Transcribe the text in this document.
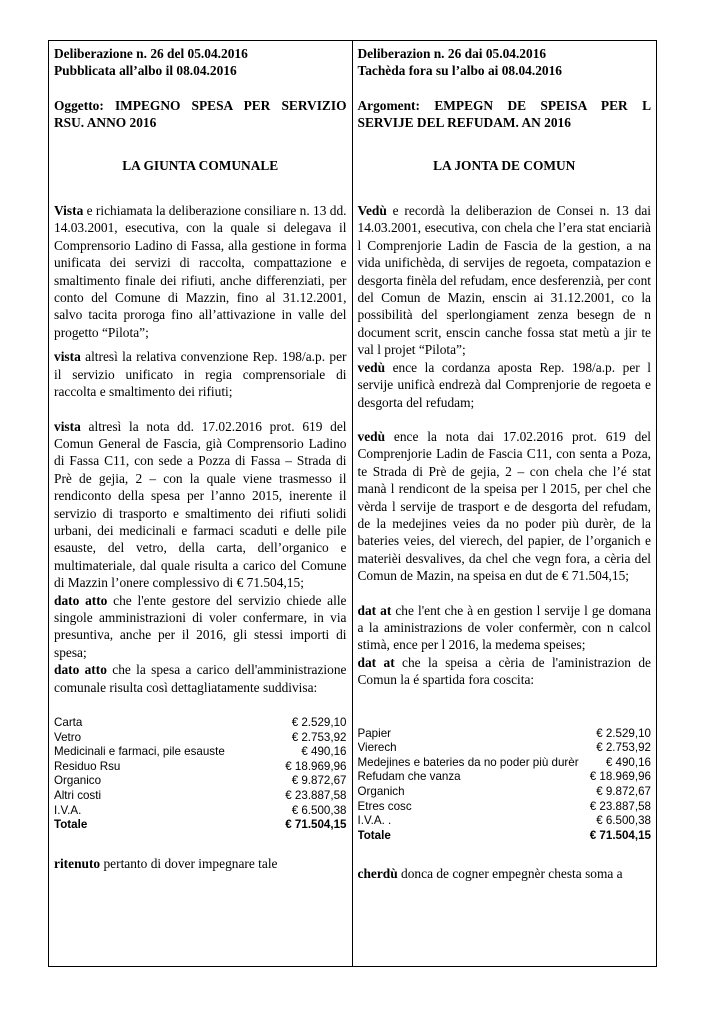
Deliberazione n. 26 del 05.04.2016
Pubblicata all’albo il 08.04.2016

Oggetto: IMPEGNO SPESA PER SERVIZIO RSU. ANNO 2016

LA GIUNTA COMUNALE

Vista e richiamata la deliberazione consiliare n. 13 dd. 14.03.2001, esecutiva, con la quale si delegava il Comprensorio Ladino di Fassa, alla gestione in forma unificata dei servizi di raccolta, compattazione e smaltimento finale dei rifiuti, anche differenziati, per conto del Comune di Mazzin, fino al 31.12.2001, salvo tacita proroga fino all’attivazione in valle del progetto “Pilota”;

vista altresì la relativa convenzione Rep. 198/a.p. per il servizio unificato in regia comprensoriale di raccolta e smaltimento dei rifiuti;

vista altresì la nota dd. 17.02.2016 prot. 619 del Comun General de Fascia, già Comprensorio Ladino di Fassa C11, con sede a Pozza di Fassa – Strada di Prè de gejia, 2 – con la quale viene trasmesso il rendiconto della spesa per l’anno 2015, inerente il servizio di trasporto e smaltimento dei rifiuti solidi urbani, dei medicinali e farmaci scaduti e delle pile esauste, del vetro, della carta, dell’organico e multimateriale, dal quale risulta a carico del Comune di Mazzin l’onere complessivo di € 71.504,15;

dato atto che l'ente gestore del servizio chiede alle singole amministrazioni di voler confermare, in via presuntiva, anche per il 2016, gli stessi importi di spesa;

dato atto che la spesa a carico dell'amministrazione comunale risulta così dettagliatamente suddivisa:

Carta	€ 2.529,10
Vetro	€ 2.753,92
Medicinali e farmaci, pile esauste	€ 490,16
Residuo Rsu	€ 18.969,96
Organico	€ 9.872,67
Altri costi	€ 23.887,58
I.V.A.	€ 6.500,38
Totale	€ 71.504,15

ritenuto pertanto di dover impegnare tale

Deliberazion n. 26 dai 05.04.2016
Tachèda fora su l’albo ai 08.04.2016

Argoment: EMPEGN DE SPEISA PER L SERVIJE DEL REFUDAM. AN 2016

LA JONTA DE COMUN

Vedù e recordà la deliberazion de Consei n. 13 dai 14.03.2001, esecutiva, con chela che l’era stat enciarià l Comprenjorie Ladin de Fascia de la gestion, a na vida unifichèda, di servijes de regoeta, compatazion e desgorta finèla del refudam, ence desferenzià, per cont del Comun de Mazin, enscin ai 31.12.2001, co la possibilità del sperlongiament zenza besegn de n document scrit, enscin canche fossa stat metù a jir te val l projet “Pilota”;

vedù ence la cordanza aposta Rep. 198/a.p. per l servije unificà endrezà dal Comprenjorie de regoeta e desgorta del refudam;

vedù ence la nota dai 17.02.2016 prot. 619 del Comprenjorie Ladin de Fascia C11, con senta a Poza, te Strada di Prè de gejia, 2 – con chela che l’é stat manà l rendicont de la speisa per l 2015, per chel che vèrda l servije de trasport e de desgorta del refudam, de la medejines veies da no poder più durèr, de la bateries veies, del vierech, del papier, de l’organich e materièi desvalives, da chel che vegn fora, a cèria del Comun de Mazin, na speisa en dut de € 71.504,15;

dat at che l'ent che à en gestion l servije l ge domana a la aministrazions de voler confermèr, con n calcol stimà, ence per l 2016, la medema speises;

dat at che la speisa a cèria de l'aministrazion de Comun la é spartida fora coscita:

Papier	€ 2.529,10
Vierech	€ 2.753,92
Medejines e bateries da no poder più durèr	€ 490,16
Refudam che vanza	€ 18.969,96
Organich	€ 9.872,67
Etres cosc	€ 23.887,58
I.V.A. .	€ 6.500,38
Totale	€ 71.504,15

cherdù donca de cogner empegnèr chesta soma a
